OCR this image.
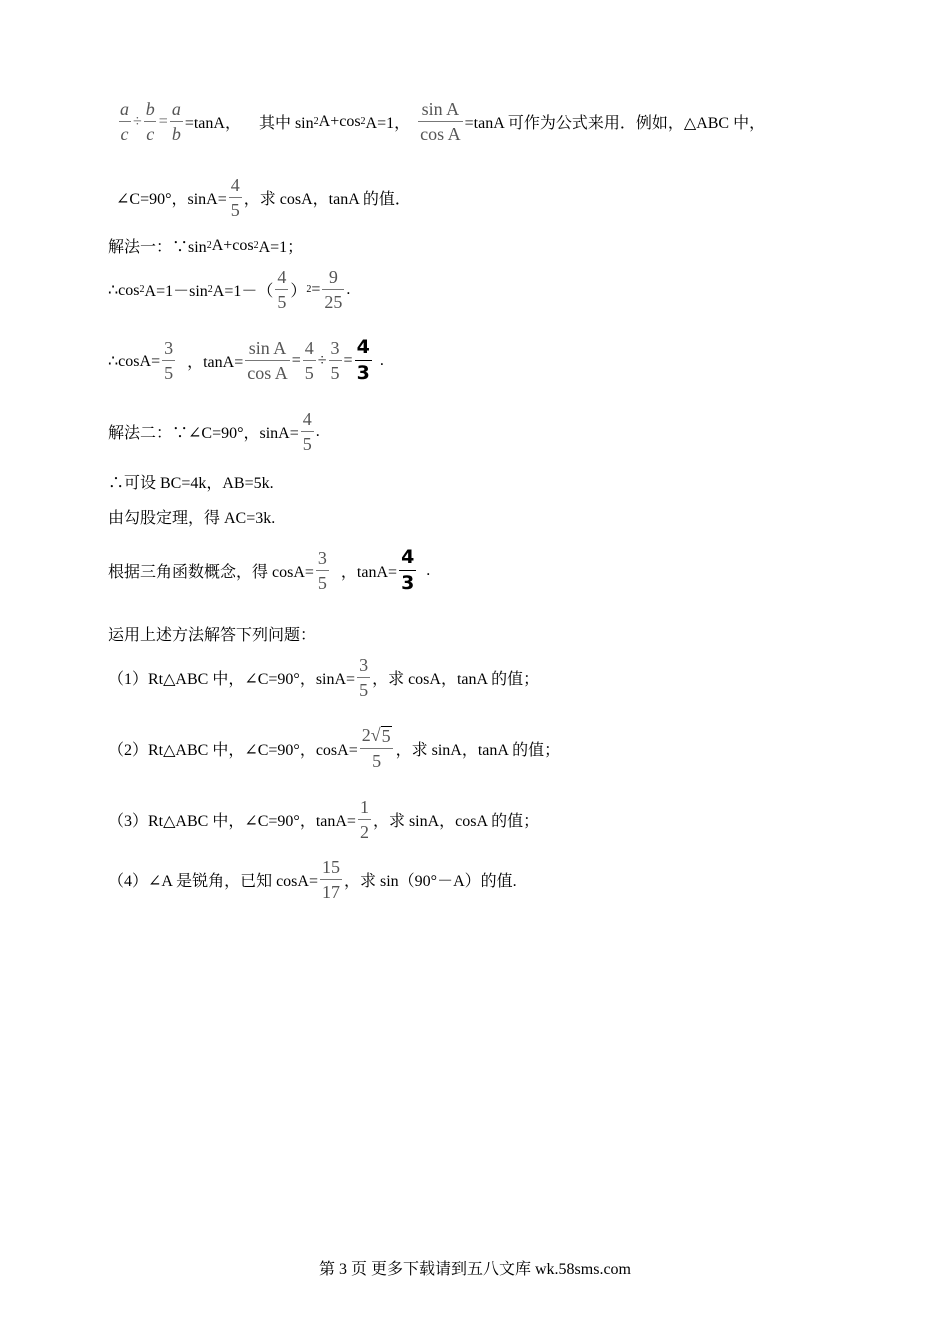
$\frac{a}{c} \div \frac{b}{c} = \frac{a}{b} =\tan A$， 其中 sin 2 A+cos 2 A=1， $\frac{\text{sin A}}{\text{cos A}} =\tan A$ 可作为公式来用．例如，△ABC 中，
∠C=90°，$\sin A= \frac{4}{5}$ ，求 cosA，tanA 的值．
解法一：∵sin 2 A+cos 2 A=1；
∴cos 2 A=1－sin 2 $A=1-( \frac{4}{5}$ ） $2 = \frac{9}{25}$ .
∴cosA= $\frac{3}{5}$ ，$\tan A= \frac{\text{sin A}}{\text{cos A}} = \frac{4}{5} \div \frac{3}{5} = \frac{4}{3}$ .
解法二：∵∠C=90°，$\sin A= \frac{4}{5}$ .
∴可设 BC=4k，AB=5k.
由勾股定理，得 AC=3k.
根据三角函数概念，得 $\cos A= \frac{3}{5}$ ，$\tan A= \frac{4}{3}$ .
运用上述方法解答下列问题：
（1）Rt△ABC 中，∠C=90°，$\sin A= \frac{3}{5}$ ，求 cosA，tanA 的值；
（2）Rt△ABC 中，∠C=90°，$\cos A= \frac{2√ 5}{5}$ ，求 sinA，tanA 的值；
（3）Rt△ABC 中，∠C=90°，$\tan A= \frac{1}{2}$ ，求 sinA，cosA 的值；
（4）∠A 是锐角，已知 $\cos A= \frac{15}{17}$ ，求 sin（90°－A）的值.
第 3 页 更多下载请到五八文库 wk.58sms.com
